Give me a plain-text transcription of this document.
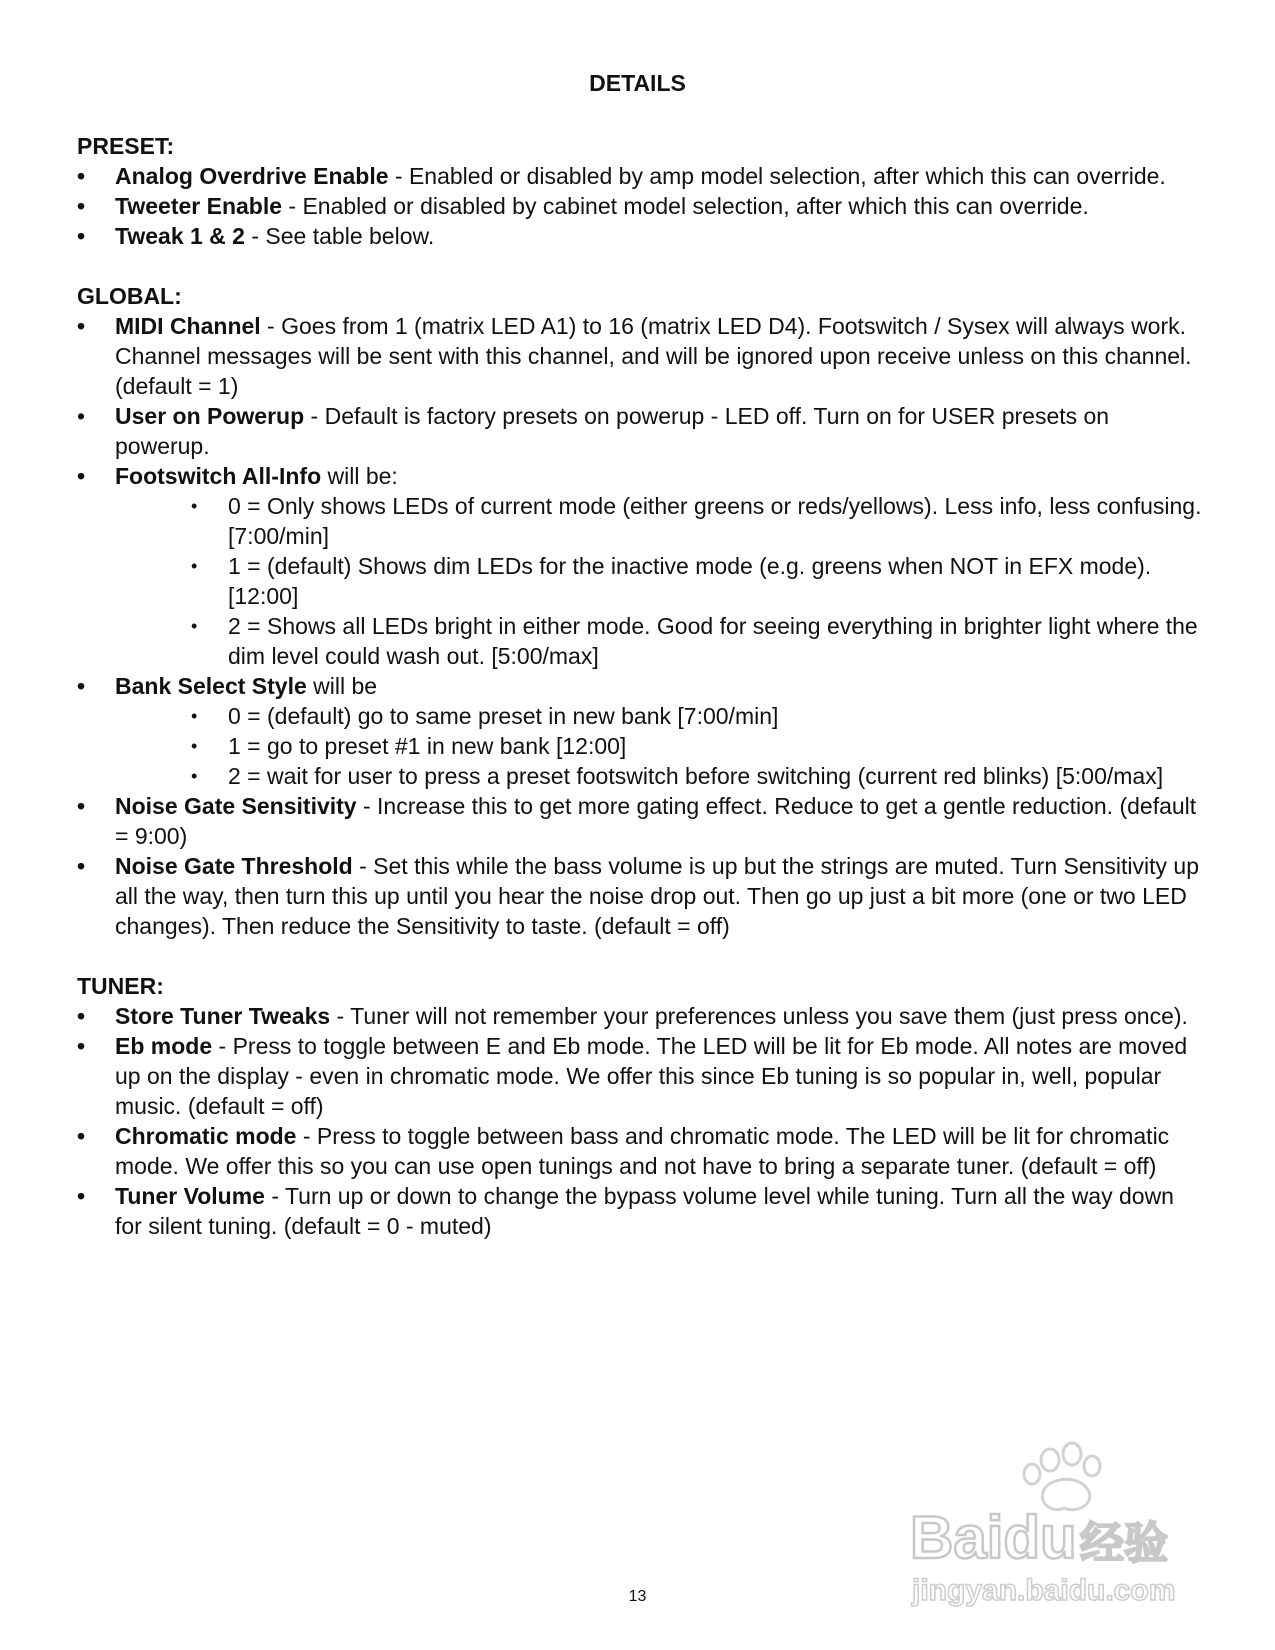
DETAILS

PRESET:

• Analog Overdrive Enable - Enabled or disabled by amp model selection, after which this can override.
• Tweeter Enable - Enabled or disabled by cabinet model selection, after which this can override.
• Tweak 1 & 2 - See table below.

GLOBAL:

• MIDI Channel - Goes from 1 (matrix LED A1) to 16 (matrix LED D4). Footswitch / Sysex will always work. Channel messages will be sent with this channel, and will be ignored upon receive unless on this channel. (default = 1)
• User on Powerup - Default is factory presets on powerup - LED off. Turn on for USER presets on powerup.
• Footswitch All-Info will be:
• 0 = Only shows LEDs of current mode (either greens or reds/yellows). Less info, less confusing. [7:00/min]
• 1 = (default) Shows dim LEDs for the inactive mode (e.g. greens when NOT in EFX mode). [12:00]
• 2 = Shows all LEDs bright in either mode. Good for seeing everything in brighter light where the dim level could wash out. [5:00/max]
• Bank Select Style will be
• 0 = (default) go to same preset in new bank [7:00/min]
• 1 = go to preset #1 in new bank [12:00]
• 2 = wait for user to press a preset footswitch before switching (current red blinks) [5:00/max]
• Noise Gate Sensitivity - Increase this to get more gating effect. Reduce to get a gentle reduction. (default = 9:00)
• Noise Gate Threshold - Set this while the bass volume is up but the strings are muted. Turn Sensitivity up all the way, then turn this up until you hear the noise drop out. Then go up just a bit more (one or two LED changes). Then reduce the Sensitivity to taste. (default = off)

TUNER:

• Store Tuner Tweaks - Tuner will not remember your preferences unless you save them (just press once).
• Eb mode - Press to toggle between E and Eb mode. The LED will be lit for Eb mode. All notes are moved up on the display - even in chromatic mode. We offer this since Eb tuning is so popular in, well, popular music. (default = off)
• Chromatic mode - Press to toggle between bass and chromatic mode. The LED will be lit for chromatic mode. We offer this so you can use open tunings and not have to bring a separate tuner. (default = off)
• Tuner Volume - Turn up or down to change the bypass volume level while tuning. Turn all the way down for silent tuning. (default = 0 - muted)
13
Baidu 经验
jingyan.baidu.com
